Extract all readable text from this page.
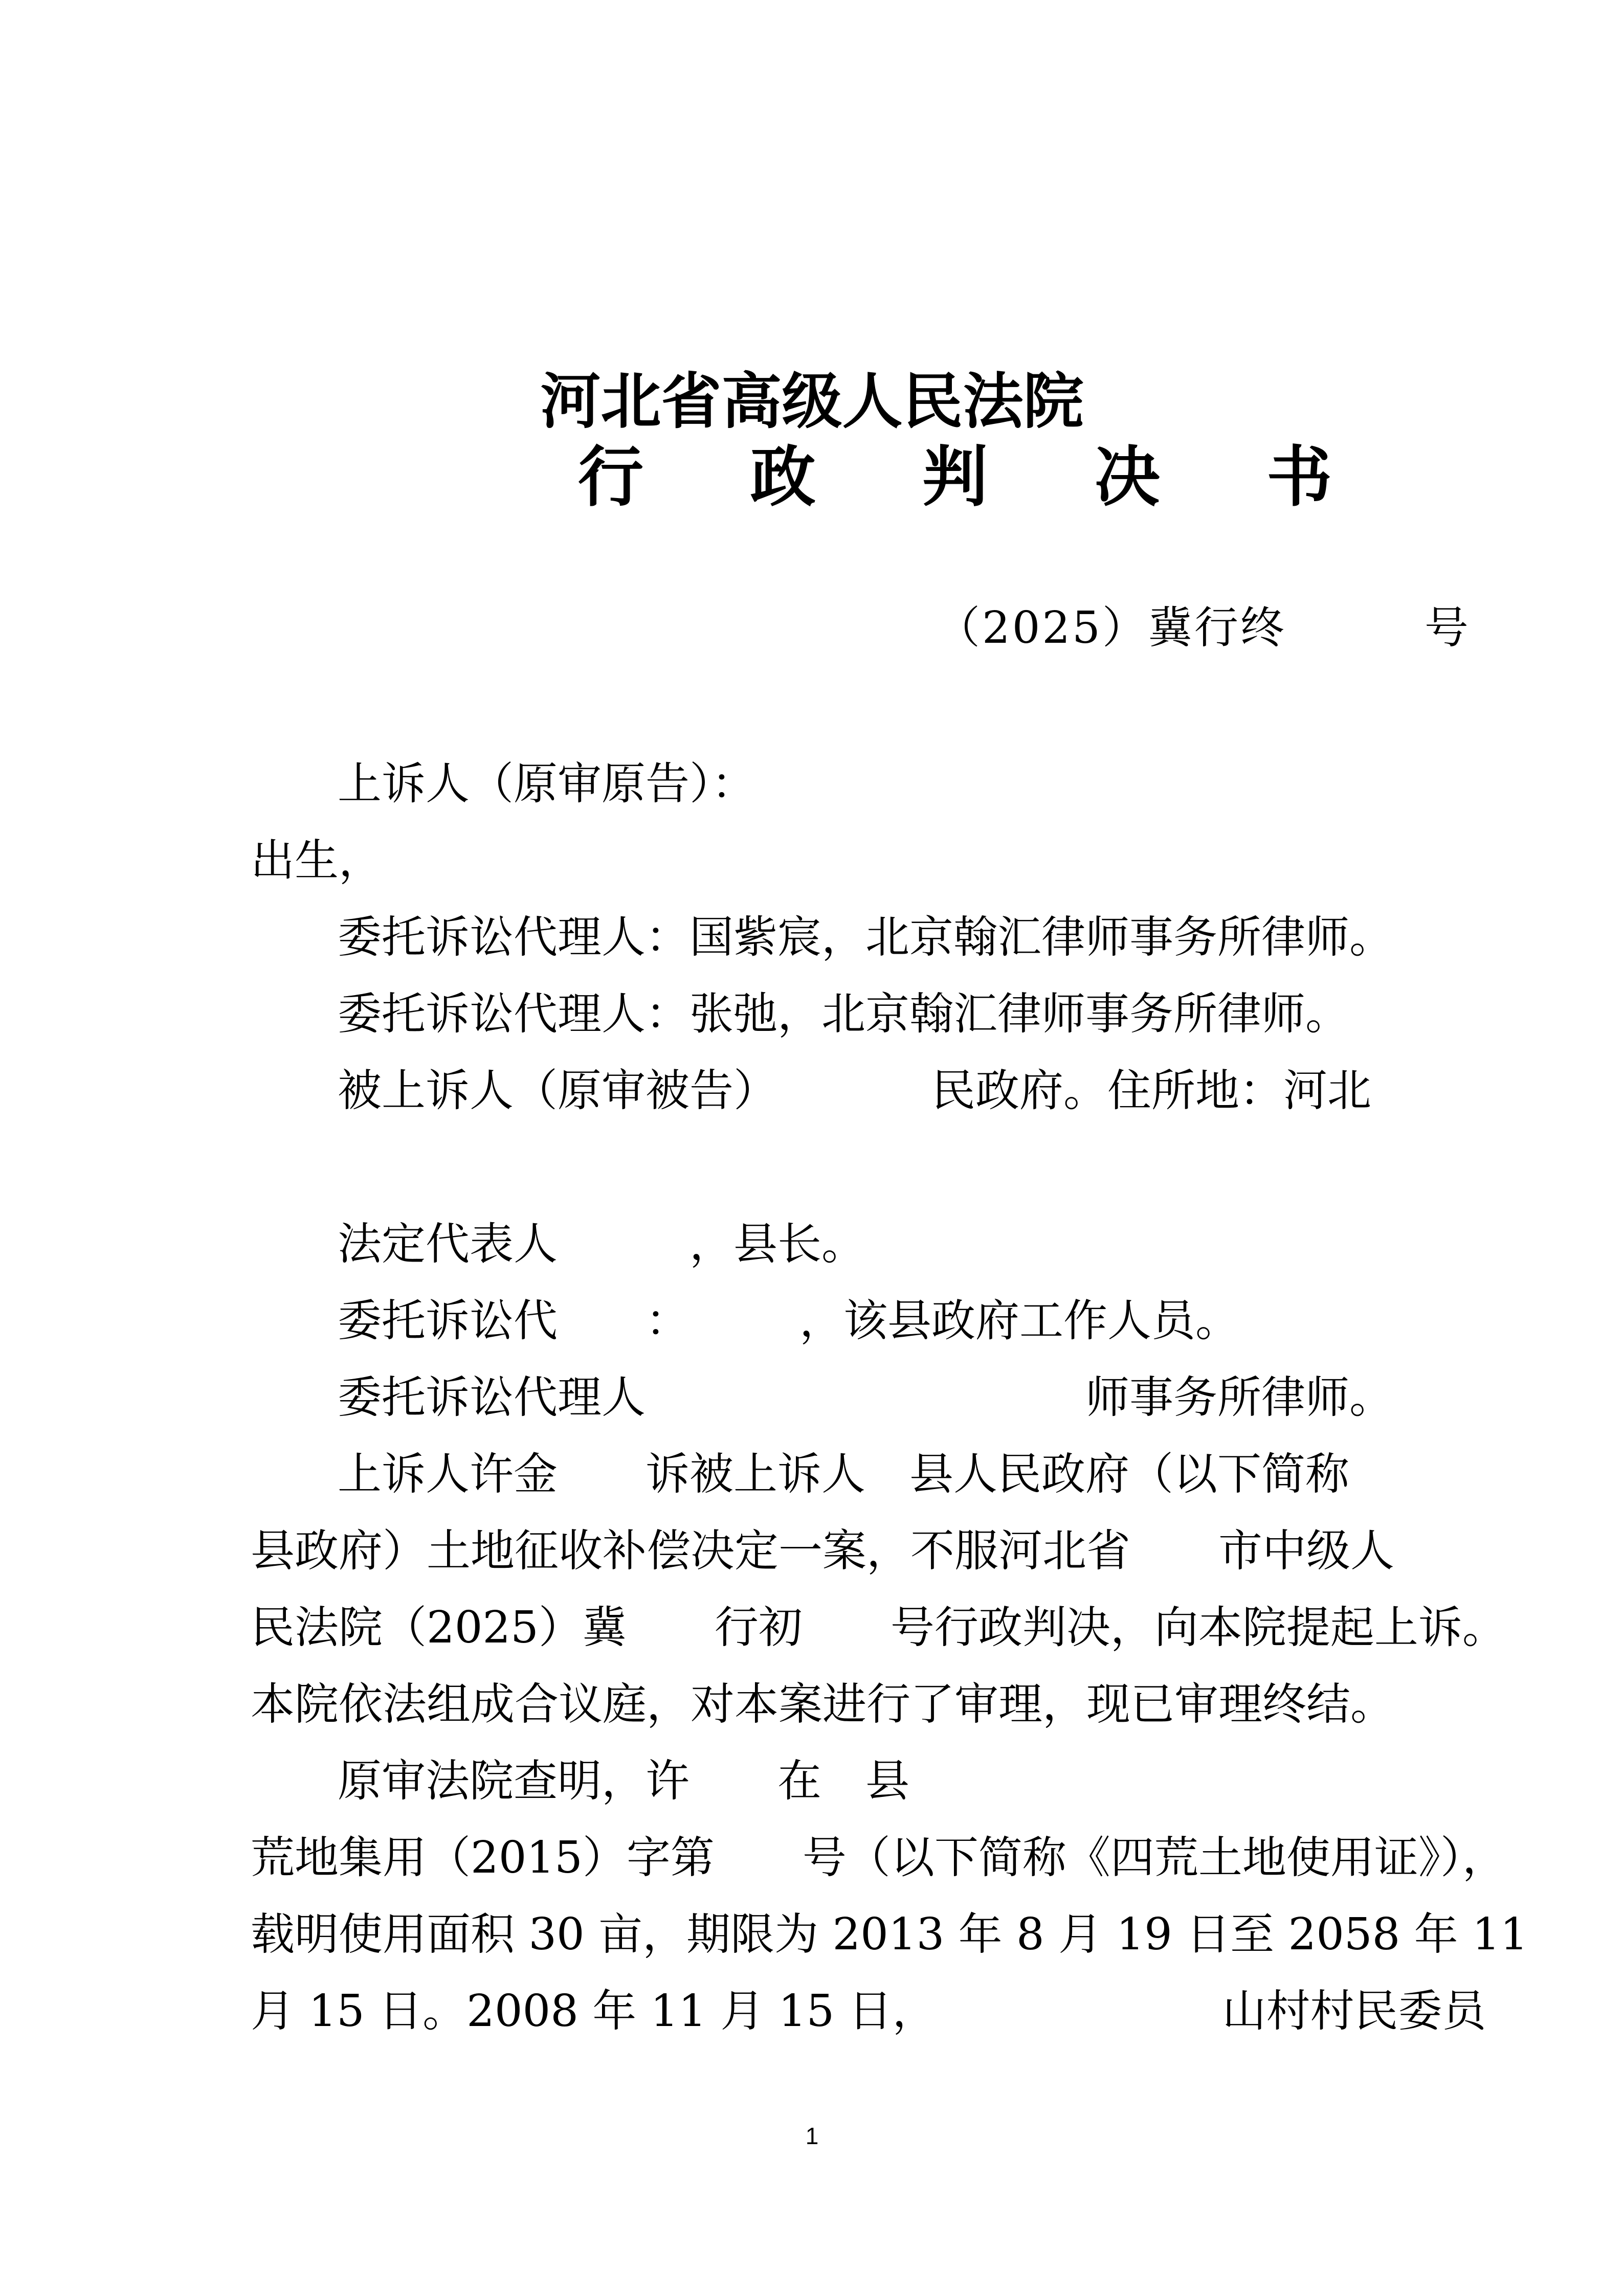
河北省高级人民法院
行 政 判 决 书
（2025）冀行终　　　号
上诉人（原审原告）：
出生，
委托诉讼代理人：国紫宸，北京翰汇律师事务所律师。
委托诉讼代理人：张弛，北京翰汇律师事务所律师。
被上诉人（原审被告）　　　　民政府。住所地：河北
法定代表人　　　，县长。
委托诉讼代　　：　　　，该县政府工作人员。
委托诉讼代理人　　　　　　　　　　师事务所律师。
上诉人许金　　诉被上诉人　县人民政府（以下简称
县政府）土地征收补偿决定一案，不服河北省　　市中级人
民法院（2025）冀　　行初　　号行政判决，向本院提起上诉。
本院依法组成合议庭，对本案进行了审理，现已审理终结。
原审法院查明，许　　在　县
荒地集用（2015）字第　　号（以下简称《四荒土地使用证》），
载明使用面积 30 亩，期限为 2013 年 8 月 19 日至 2058 年 11
月 15 日。2008 年 11 月 15 日，　　　　　　　山村村民委员
1
